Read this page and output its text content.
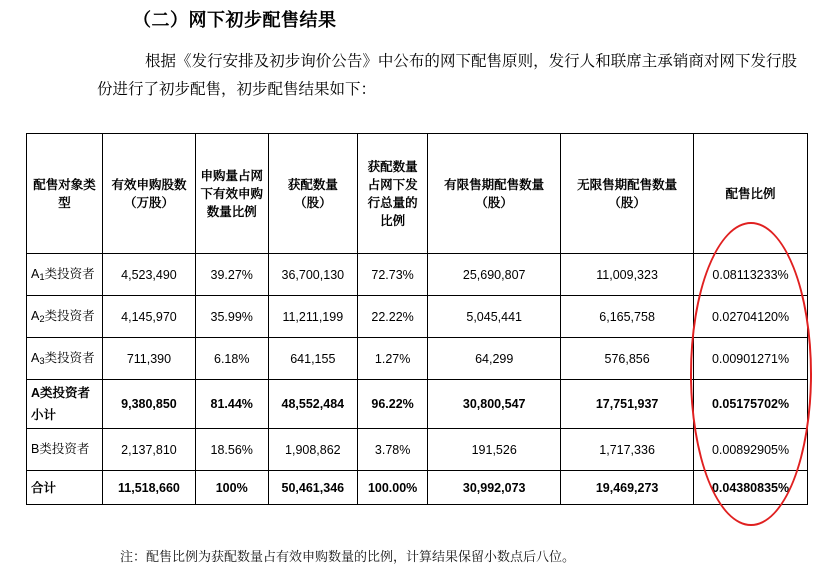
（二）网下初步配售结果
根据《发行安排及初步询价公告》中公布的网下配售原则，发行人和联席主承销商对网下发行股份进行了初步配售，初步配售结果如下：
配售对象类型	有效申购股数（万股）	申购量占网下有效申购数量比例	获配数量（股）	获配数量占网下发行总量的比例	有限售期配售数量（股）	无限售期配售数量（股）	配售比例
$A_1$类投资者	4,523,490	39.27%	36,700,130	72.73%	25,690,807	11,009,323	0.08113233%
$A_2$类投资者	4,145,970	35.99%	11,211,199	22.22%	5,045,441	6,165,758	0.02704120%
$A_3$类投资者	711,390	6.18%	641,155	1.27%	64,299	576,856	0.00901271%
A类投资者小计	9,380,850	81.44%	48,552,484	96.22%	30,800,547	17,751,937	0.05175702%
B类投资者	2,137,810	18.56%	1,908,862	3.78%	191,526	1,717,336	0.00892905%
合计	11,518,660	100%	50,461,346	100.00%	30,992,073	19,469,273	0.04380835%
注：配售比例为获配数量占有效申购数量的比例，计算结果保留小数点后八位。
